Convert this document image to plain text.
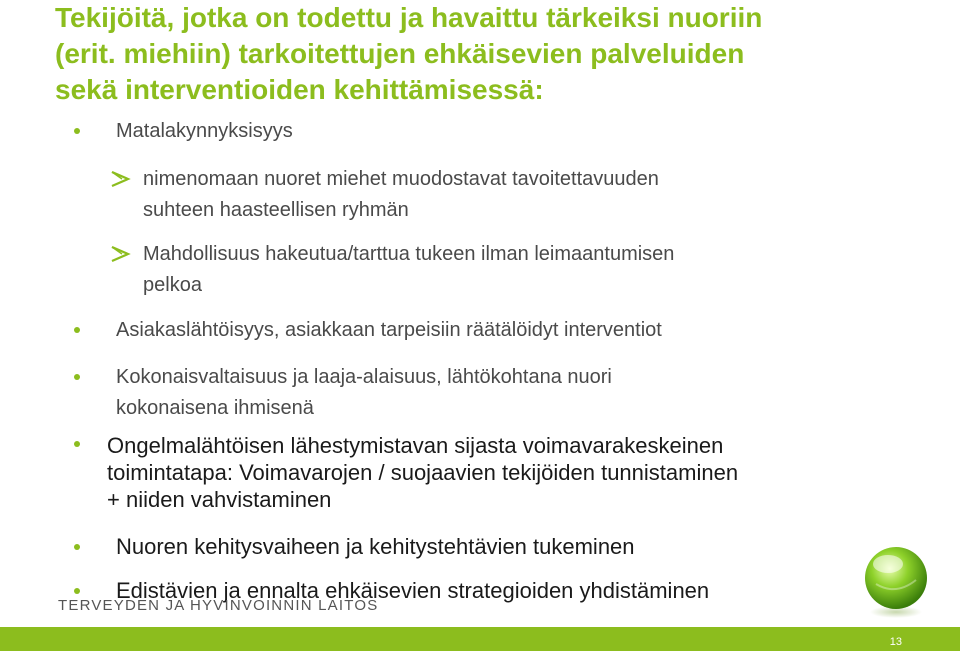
Tekijöitä, jotka on todettu ja havaittu tärkeiksi nuoriin
(erit. miehiin) tarkoitettujen ehkäisevien palveluiden
sekä interventioiden kehittämisessä:

Matalakynnyksisyys

nimenomaan nuoret miehet muodostavat tavoitettavuuden
suhteen haasteellisen ryhmän

Mahdollisuus hakeutua/tarttua tukeen ilman leimaantumisen
pelkoa

Asiakaslähtöisyys, asiakkaan tarpeisiin räätälöidyt interventiot

Kokonaisvaltaisuus ja laaja-alaisuus, lähtökohtana nuori
kokonaisena ihmisenä

Ongelmalähtöisen lähestymistavan sijasta voimavarakeskeinen
toimintatapa: Voimavarojen / suojaavien tekijöiden tunnistaminen
+ niiden vahvistaminen

Nuoren kehitysvaiheen ja kehitystehtävien tukeminen

Edistävien ja ennalta ehkäisevien strategioiden yhdistäminen

TERVEYDEN JA HYVINVOINNIN LAITOS
13
